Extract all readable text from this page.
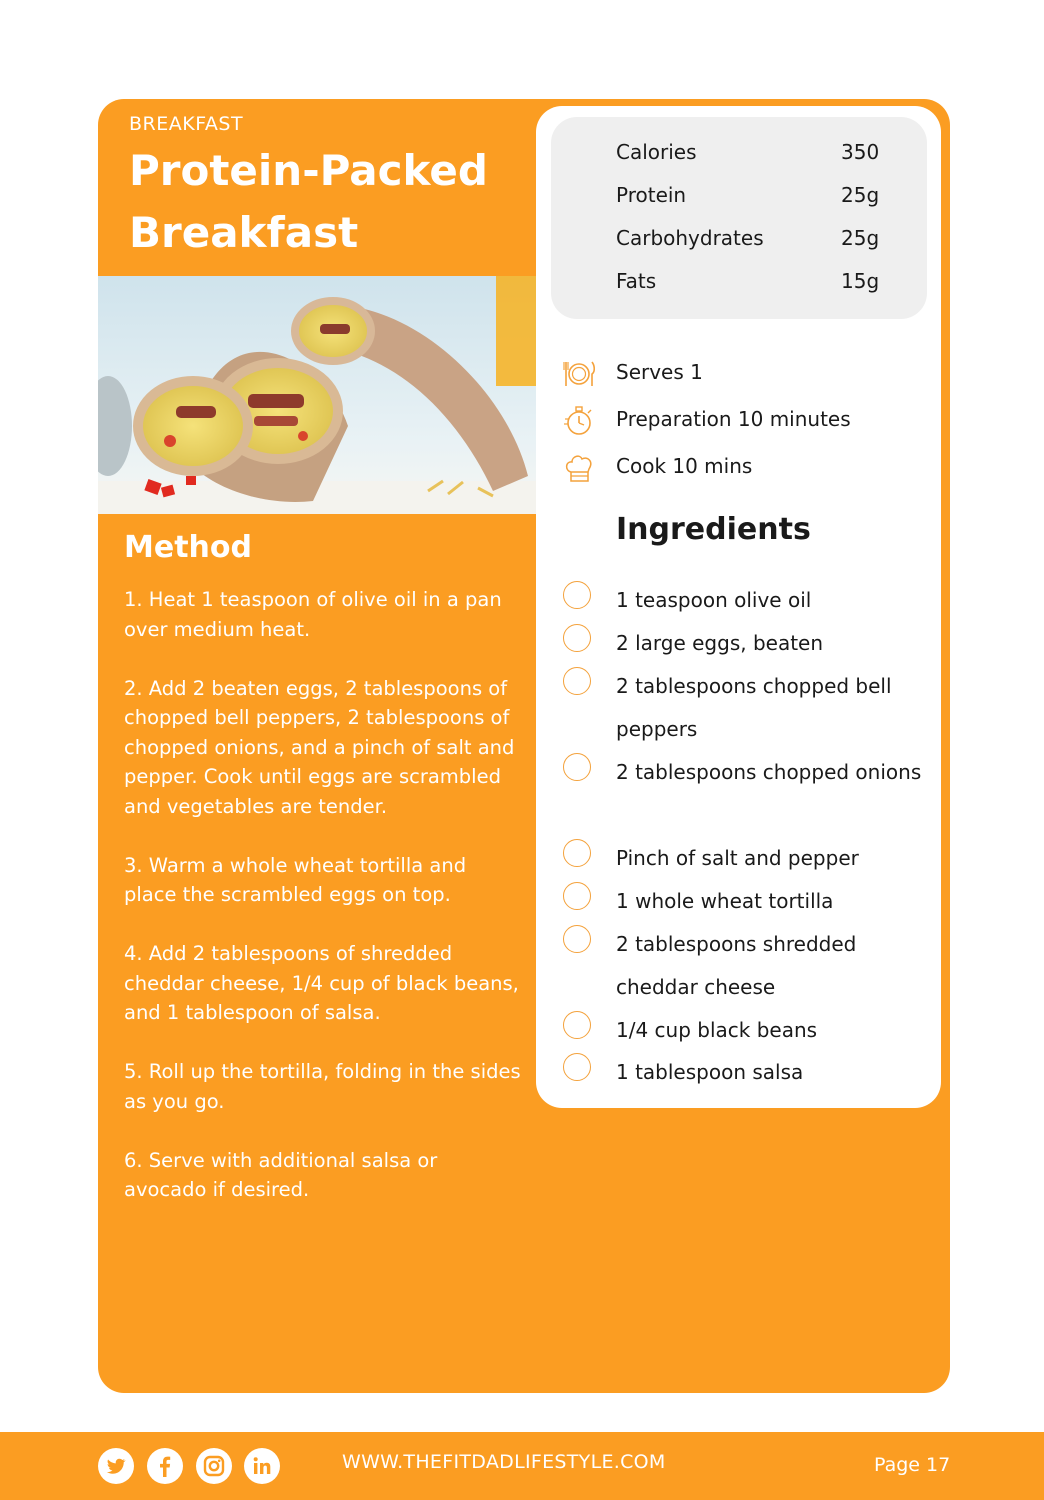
BREAKFAST
Protein-Packed
Breakfast
Method

1. Heat 1 teaspoon of olive oil in a pan over medium heat.

2. Add 2 beaten eggs, 2 tablespoons of chopped bell peppers, 2 tablespoons of chopped onions, and a pinch of salt and pepper. Cook until eggs are scrambled and vegetables are tender.

3. Warm a whole wheat tortilla and place the scrambled eggs on top.

4. Add 2 tablespoons of shredded cheddar cheese, 1/4 cup of black beans, and 1 tablespoon of salsa.

5. Roll up the tortilla, folding in the sides as you go.

6. Serve with additional salsa or avocado if desired.

Calories	350
Protein	25g
Carbohydrates	25g
Fats	15g
Serves 1
Preparation 10 minutes
Cook 10 mins
Ingredients
1 teaspoon olive oil
2 large eggs, beaten
2 tablespoons chopped bell peppers
2 tablespoons chopped onions
Pinch of salt and pepper
1 whole wheat tortilla
2 tablespoons shredded cheddar cheese
1/4 cup black beans
1 tablespoon salsa
WWW.THEFITDADLIFESTYLE.COM	Page 17
